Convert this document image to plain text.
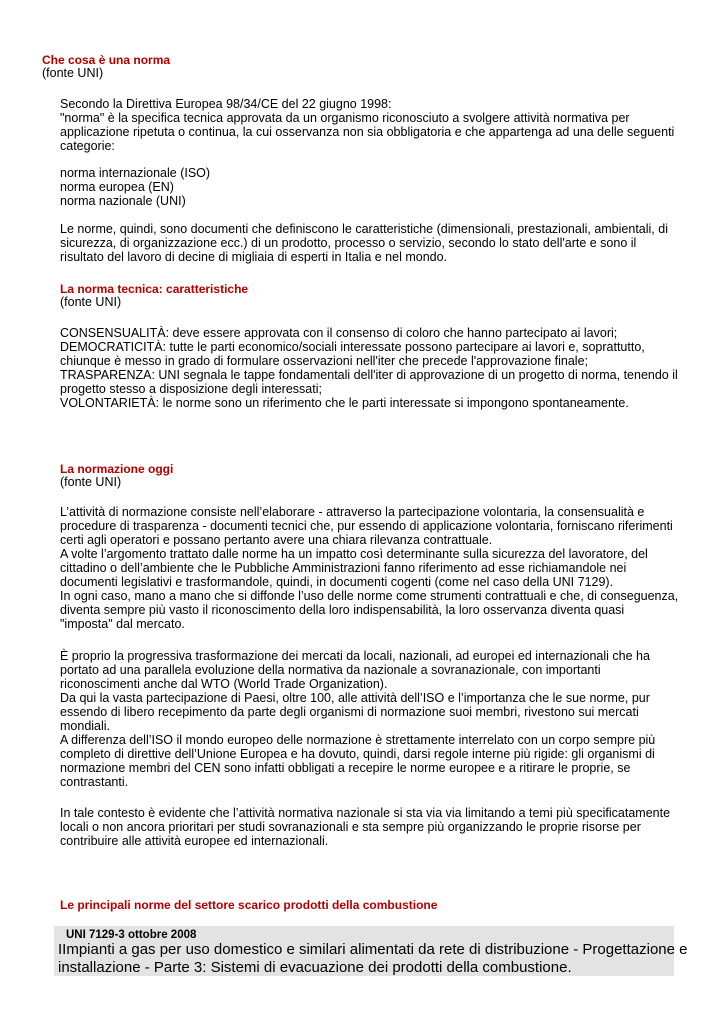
Che cosa è una norma
(fonte UNI)
Secondo la Direttiva Europea 98/34/CE del 22 giugno 1998:
"norma" è la specifica tecnica approvata da un organismo riconosciuto a svolgere attività normativa per
applicazione ripetuta o continua, la cui osservanza non sia obbligatoria e che appartenga ad una delle seguenti
categorie:
norma internazionale (ISO)
norma europea (EN)
norma nazionale (UNI)
Le norme, quindi, sono documenti che definiscono le caratteristiche (dimensionali, prestazionali, ambientali, di
sicurezza, di organizzazione ecc.) di un prodotto, processo o servizio, secondo lo stato dell'arte e sono il
risultato del lavoro di decine di migliaia di esperti in Italia e nel mondo.
La norma tecnica: caratteristiche
(fonte UNI)
CONSENSUALITÀ: deve essere approvata con il consenso di coloro che hanno partecipato ai lavori;
DEMOCRATICITÀ: tutte le parti economico/sociali interessate possono partecipare ai lavori e, soprattutto,
chiunque è messo in grado di formulare osservazioni nell'iter che precede l'approvazione finale;
TRASPARENZA: UNI segnala le tappe fondamentali dell'iter di approvazione di un progetto di norma, tenendo il
progetto stesso a disposizione degli interessati;
VOLONTARIETÀ: le norme sono un riferimento che le parti interessate si impongono spontaneamente.
La normazione oggi
(fonte UNI)
L’attività di normazione consiste nell’elaborare - attraverso la partecipazione volontaria, la consensualità e
procedure di trasparenza - documenti tecnici che, pur essendo di applicazione volontaria, forniscano riferimenti
certi agli operatori e possano pertanto avere una chiara rilevanza contrattuale.
A volte l’argomento trattato dalle norme ha un impatto così determinante sulla sicurezza del lavoratore, del
cittadino o dell’ambiente che le Pubbliche Amministrazioni fanno riferimento ad esse richiamandole nei
documenti legislativi e trasformandole, quindi, in documenti cogenti (come nel caso della UNI 7129).
In ogni caso, mano a mano che si diffonde l’uso delle norme come strumenti contrattuali e che, di conseguenza,
diventa sempre più vasto il riconoscimento della loro indispensabilità, la loro osservanza diventa quasi
"imposta" dal mercato.
È proprio la progressiva trasformazione dei mercati da locali, nazionali, ad europei ed internazionali che ha
portato ad una parallela evoluzione della normativa da nazionale a sovranazionale, con importanti
riconoscimenti anche dal WTO (World Trade Organization).
Da qui la vasta partecipazione di Paesi, oltre 100, alle attività dell’ISO e l’importanza che le sue norme, pur
essendo di libero recepimento da parte degli organismi di normazione suoi membri, rivestono sui mercati
mondiali.
A differenza dell’ISO il mondo europeo delle normazione è strettamente interrelato con un corpo sempre più
completo di direttive dell’Unione Europea e ha dovuto, quindi, darsi regole interne più rigide: gli organismi di
normazione membri del CEN sono infatti obbligati a recepire le norme europee e a ritirare le proprie, se
contrastanti.
In tale contesto è evidente che l’attività normativa nazionale si sta via via limitando a temi più specificatamente
locali o non ancora prioritari per studi sovranazionali e sta sempre più organizzando le proprie risorse per
contribuire alle attività europee ed internazionali.
Le principali norme del settore scarico prodotti della combustione
UNI 7129-3 ottobre 2008
IImpianti a gas per uso domestico e similari alimentati da rete di distribuzione - Progettazione e
installazione - Parte 3: Sistemi di evacuazione dei prodotti della combustione.
